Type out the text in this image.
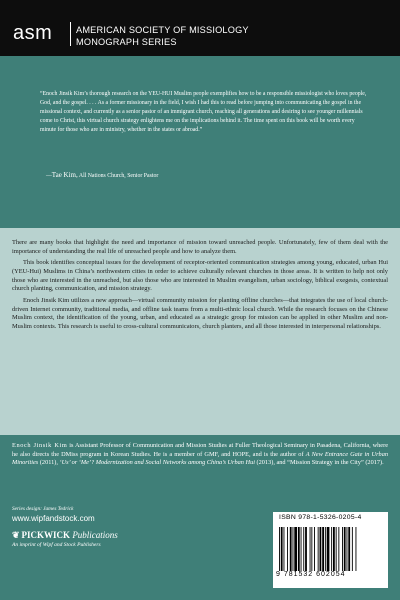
asm	AMERICAN SOCIETY OF MISSIOLOGY
MONOGRAPH SERIES
“Enoch Jinsik Kim’s thorough research on the YEU-HUI Muslim people exemplifies how to be a responsible missiologist who loves people, God, and the gospel. . . . As a former missionary in the field, I wish I had this to read before jumping into communicating the gospel in the missional context, and currently as a senior pastor of an immigrant church, reaching all generations and desiring to see younger millennials come to Christ, this virtual church strategy enlightens me on the implications behind it. The time spent on this book will be worth every minute for those who are in ministry, whether in the states or abroad.”
—Tae Kim, All Nations Church, Senior Pastor

There are many books that highlight the need and importance of mission toward unreached people. Unfortunately, few of them deal with the importance of understanding the real life of unreached people and how to analyze them.

This book identifies conceptual issues for the development of receptor-oriented communication strategies among young, educated, urban Hui (YEU-Hui) Muslims in China’s northwestern cities in order to achieve culturally relevant churches in those areas. It is written to help not only those who are interested in the unreached, but also those who are interested in Muslim evangelism, urban sociology, biblical exegesis, contextual church planting, communication, and mission strategy.

Enoch Jinsik Kim utilizes a new approach—virtual community mission for planting offline churches—that integrates the use of local church-driven Internet community, traditional media, and offline task teams from a multi-ethnic local church. While the research focuses on the Chinese Muslim context, the identification of the young, urban, and educated as a strategic group for mission can be applied in other Muslim and non-Muslim contexts. This research is useful to cross-cultural communicators, church planters, and all those interested in interpersonal relationships.

Enoch Jinsik Kim is Assistant Professor of Communication and Mission Studies at Fuller Theological Seminary in Pasadena, California, where he also directs the DMiss program in Korean Studies. He is a member of GMF, and HOPE, and is the author of A New Entrance Gate in Urban Minorities (2011), ‘Us’ or ‘Me’? Modernization and Social Networks among China’s Urban Hui (2013), and “Mission Strategy in the City” (2017).
Series design: James Tedrick
www.wipfandstock.com
❦ PICKWICK Publications
An imprint of Wipf and Stock Publishers
ISBN 978-1-5326-0205-4
9 781532 602054
